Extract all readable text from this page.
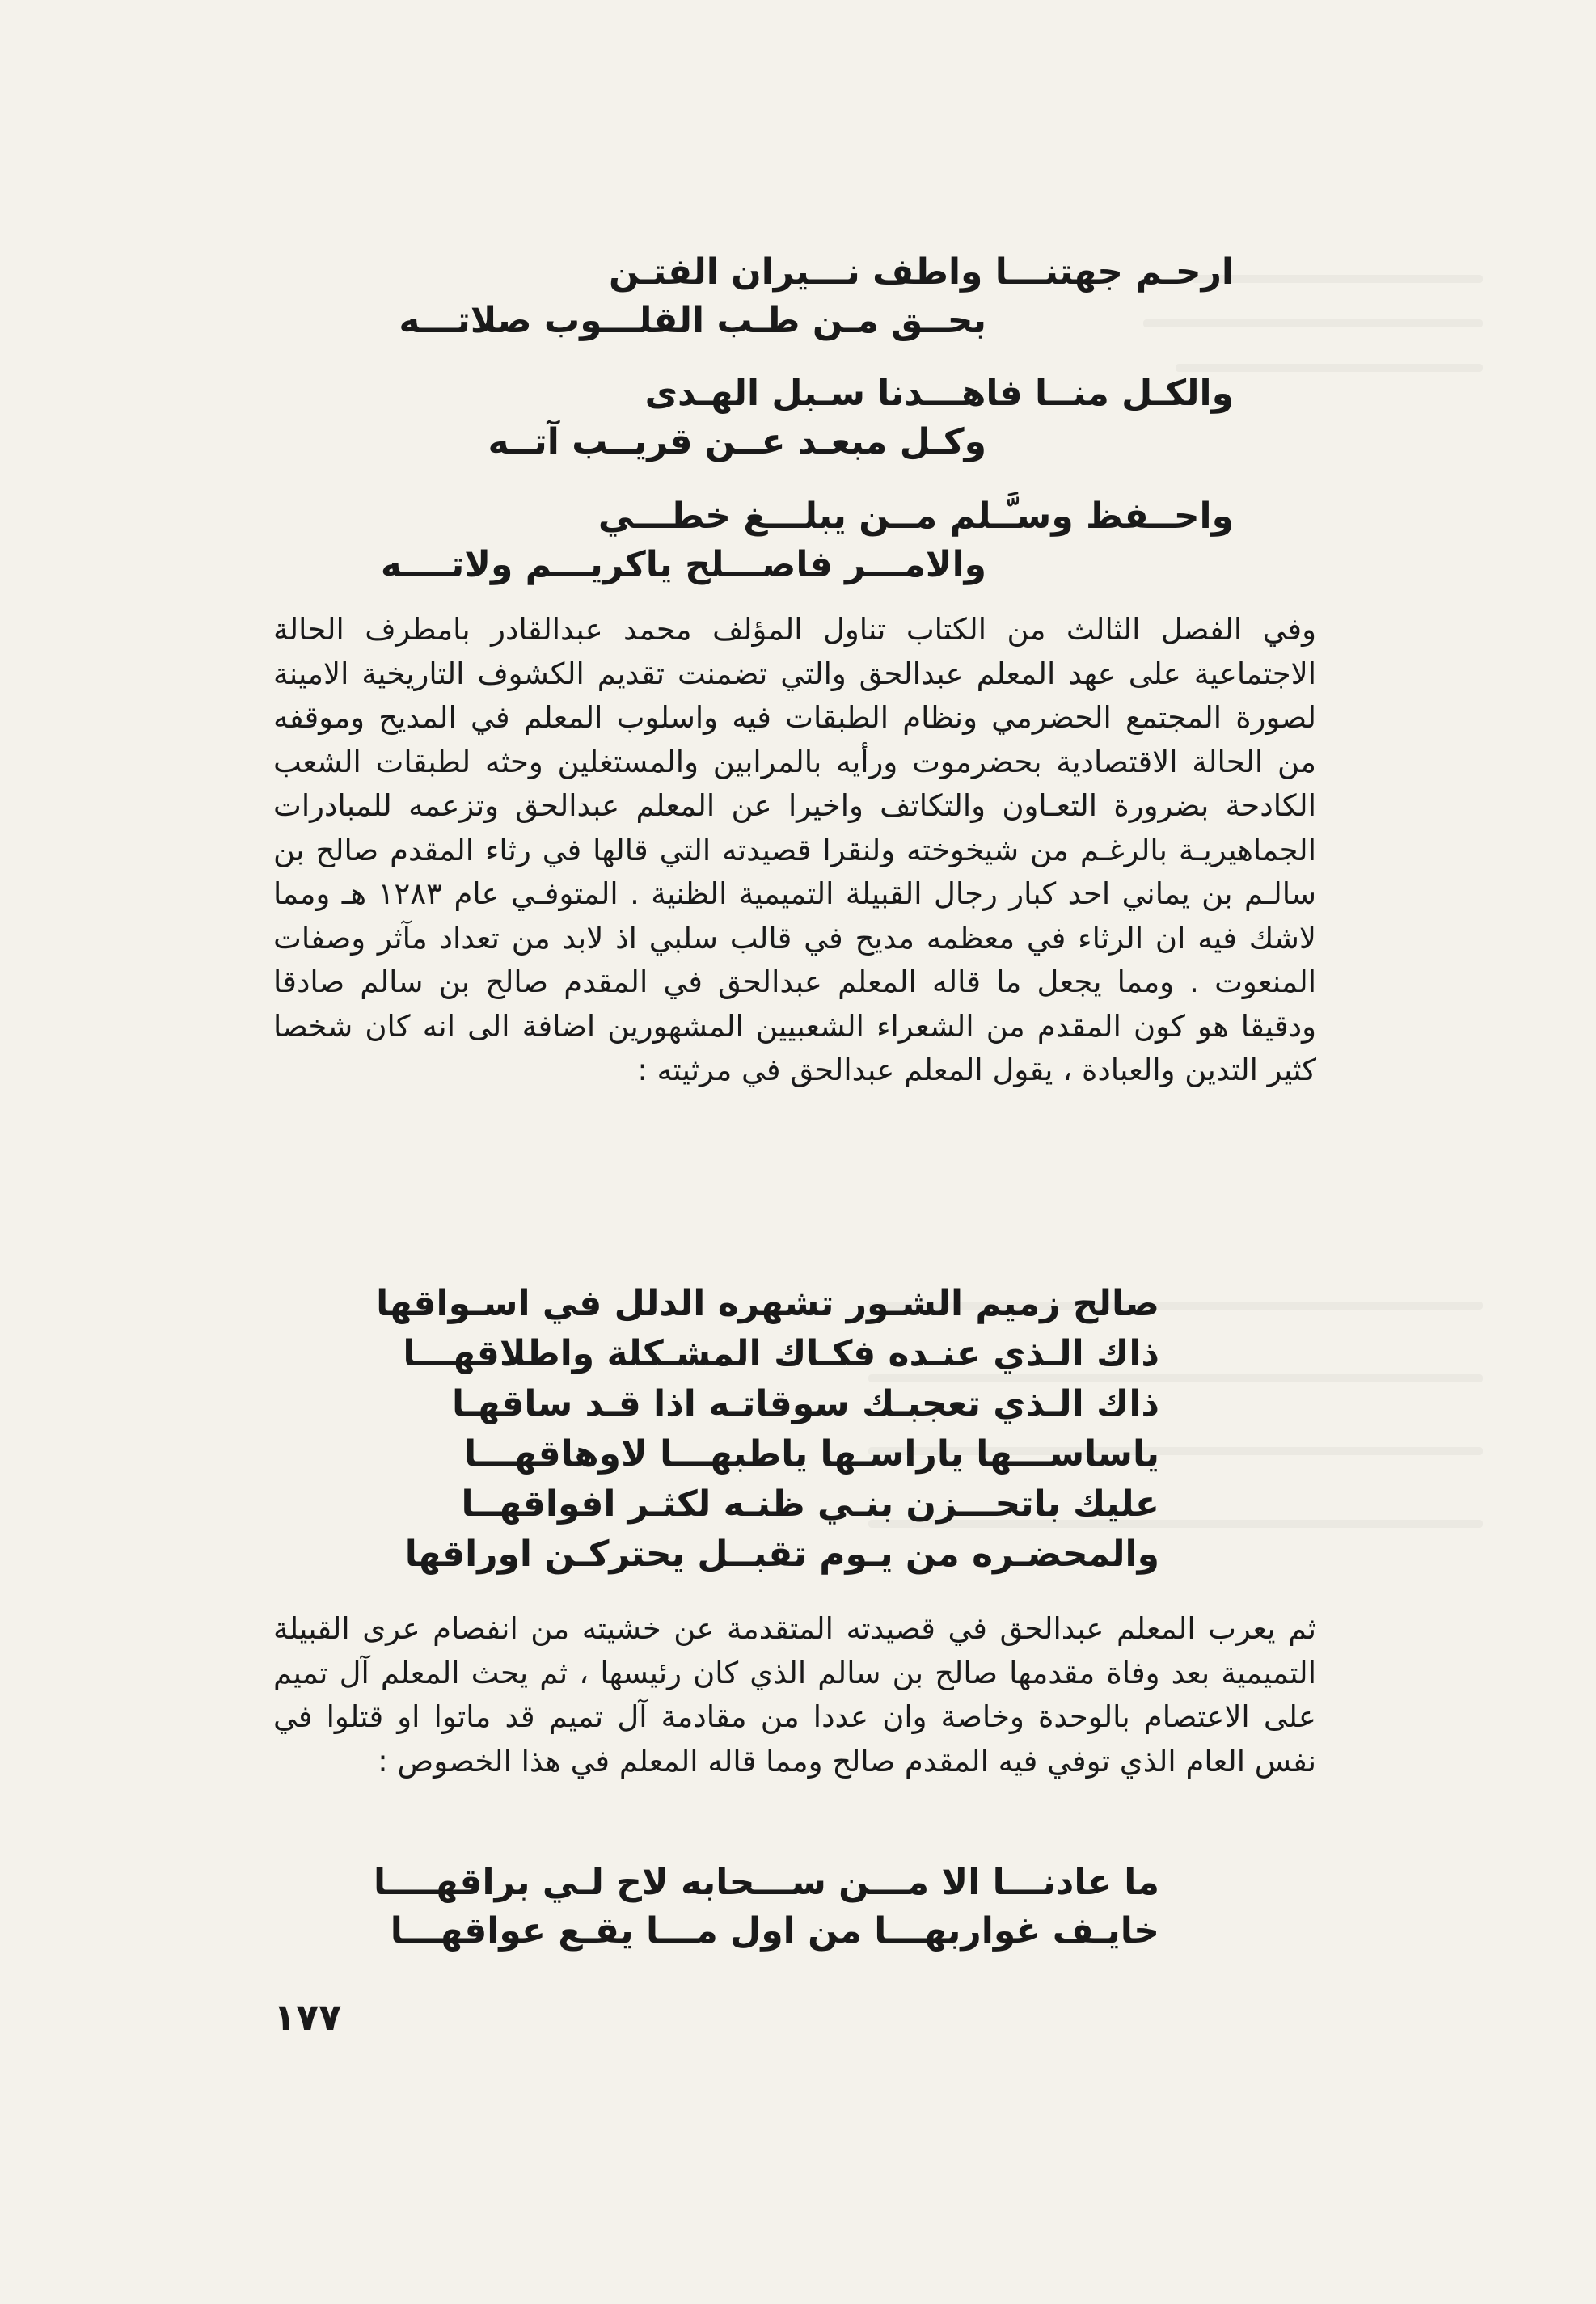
ارحـم جهتنـــا واطف نـــيران الفتـن
بحــق مـن طـب القلـــوب صلاتـــه
والكـل منــا فاهـــدنا سـبل الهـدى
وكـل مبعـد عــن قريــب آتــه
واحــفظ وسـَّـلم مــن يبلـــغ خطـــي
والامـــر فاصـــلح ياكريـــم ولاتــــه

وفي الفصل الثالث من الكتاب تناول المؤلف محمد عبدالقادر بامطرف الحالة الاجتماعية على عهد المعلم عبدالحق والتي تضمنت تقديم الكشوف التاريخية الامينة لصورة المجتمع الحضرمي ونظام الطبقات فيه واسلوب المعلم في المديح وموقفه من الحالة الاقتصادية بحضرموت ورأيه بالمرابين والمستغلين وحثه لطبقات الشعب الكادحة بضرورة التعـاون والتكاتف واخيرا عن المعلم عبدالحق وتزعمه للمبادرات الجماهيريـة بالرغـم من شيخوخته ولنقرا قصيدته التي قالها في رثاء المقدم صالح بن سالـم بن يماني احد كبار رجال القبيلة التميمية الظنية . المتوفـي عام ١٢٨٣ هـ ومما لاشك فيه ان الرثاء في معظمه مديح في قالب سلبي اذ لابد من تعداد مآثر وصفات المنعوت . ومما يجعل ما قاله المعلم عبدالحق في المقدم صالح بن سالم صادقا ودقيقا هو كون المقدم من الشعراء الشعبيين المشهورين اضافة الى انه كان شخصا كثير التدين والعبادة ، يقول المعلم عبدالحق في مرثيته :

صالح زميم الشـور تشهره الدلل في اسـواقها
ذاك الـذي عنـده فكـاك المشـكلة واطلاقهـــا
ذاك الـذي تعجبـك سوقاتـه اذا قـد ساقهـا
ياساســـها ياراسـها ياطبهـــا لاوهاقهـــا
عليك باتحـــزن بنـي ظنـه لكثـر افواقهــا
والمحضـره من يـوم تقبــل يحتركـن اوراقها

ثم يعرب المعلم عبدالحق في قصيدته المتقدمة عن خشيته من انفصام عرى القبيلة التميمية بعد وفاة مقدمها صالح بن سالم الذي كان رئيسها ، ثم يحث المعلم آل تميم على الاعتصام بالوحدة وخاصة وان عددا من مقادمة آل تميم قد ماتوا او قتلوا في نفس العام الذي توفي فيه المقدم صالح ومما قاله المعلم في هذا الخصوص :

ما عادنـــا الا مـــن ســـحابه لاح لـي براقهــــا
خايـف غواربهـــا من اول مـــا يقـع عواقهـــا
١٧٧
